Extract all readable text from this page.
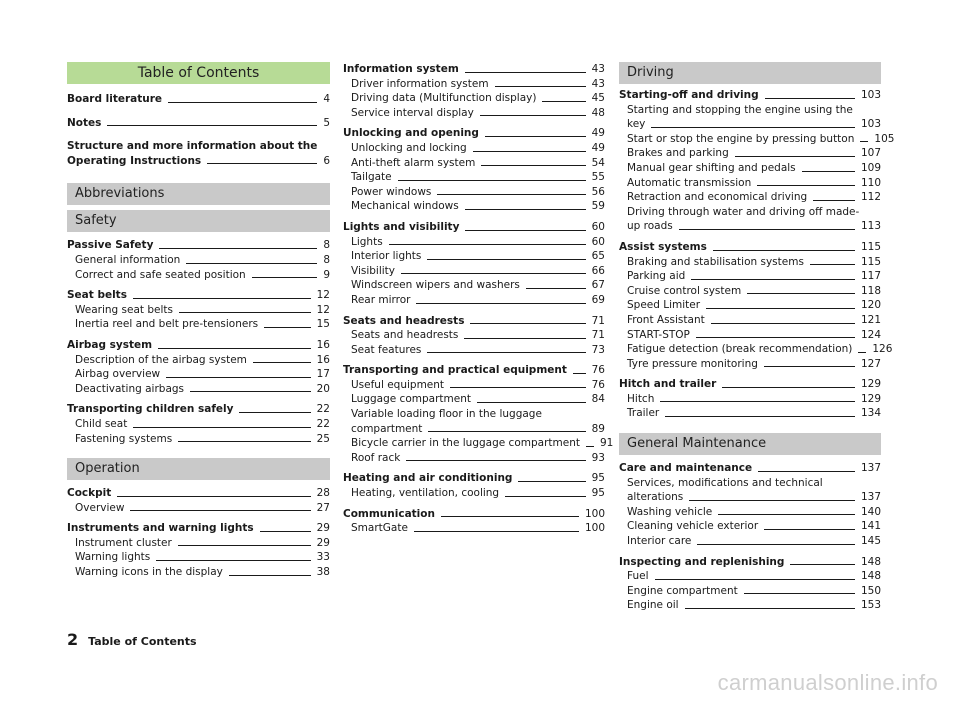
Table of Contents
Board literature	4
Notes	5
Structure and more information about the
Operating Instructions	6
Abbreviations
Safety
Passive Safety	8
General information	8
Correct and safe seated position	9
Seat belts	12
Wearing seat belts	12
Inertia reel and belt pre-tensioners	15
Airbag system	16
Description of the airbag system	16
Airbag overview	17
Deactivating airbags	20
Transporting children safely	22
Child seat	22
Fastening systems	25
Operation
Cockpit	28
Overview	27
Instruments and warning lights	29
Instrument cluster	29
Warning lights	33
Warning icons in the display	38
Information system	43
Driver information system	43
Driving data (Multifunction display)	45
Service interval display	48
Unlocking and opening	49
Unlocking and locking	49
Anti-theft alarm system	54
Tailgate	55
Power windows	56
Mechanical windows	59
Lights and visibility	60
Lights	60
Interior lights	65
Visibility	66
Windscreen wipers and washers	67
Rear mirror	69
Seats and headrests	71
Seats and headrests	71
Seat features	73
Transporting and practical equipment 76
Useful equipment	76
Luggage compartment	84
Variable loading floor in the luggage
compartment	89
Bicycle carrier in the luggage compartment 91
Roof rack	93
Heating and air conditioning	95
Heating, ventilation, cooling	95
Communication	100
SmartGate	100
Driving
Starting-off and driving	103
Starting and stopping the engine using the
key	103
Start or stop the engine by pressing button 105
Brakes and parking	107
Manual gear shifting and pedals	109
Automatic transmission	110
Retraction and economical driving	112
Driving through water and driving off made-
up roads	113
Assist systems	115
Braking and stabilisation systems	115
Parking aid	117
Cruise control system	118
Speed Limiter	120
Front Assistant	121
START-STOP	124
Fatigue detection (break recommendation) 126
Tyre pressure monitoring	127
Hitch and trailer	129
Hitch	129
Trailer	134
General Maintenance
Care and maintenance	137
Services, modifications and technical
alterations	137
Washing vehicle	140
Cleaning vehicle exterior	141
Interior care	145
Inspecting and replenishing	148
Fuel	148
Engine compartment	150
Engine oil	153
2 Table of Contents
carmanualsonline.info
